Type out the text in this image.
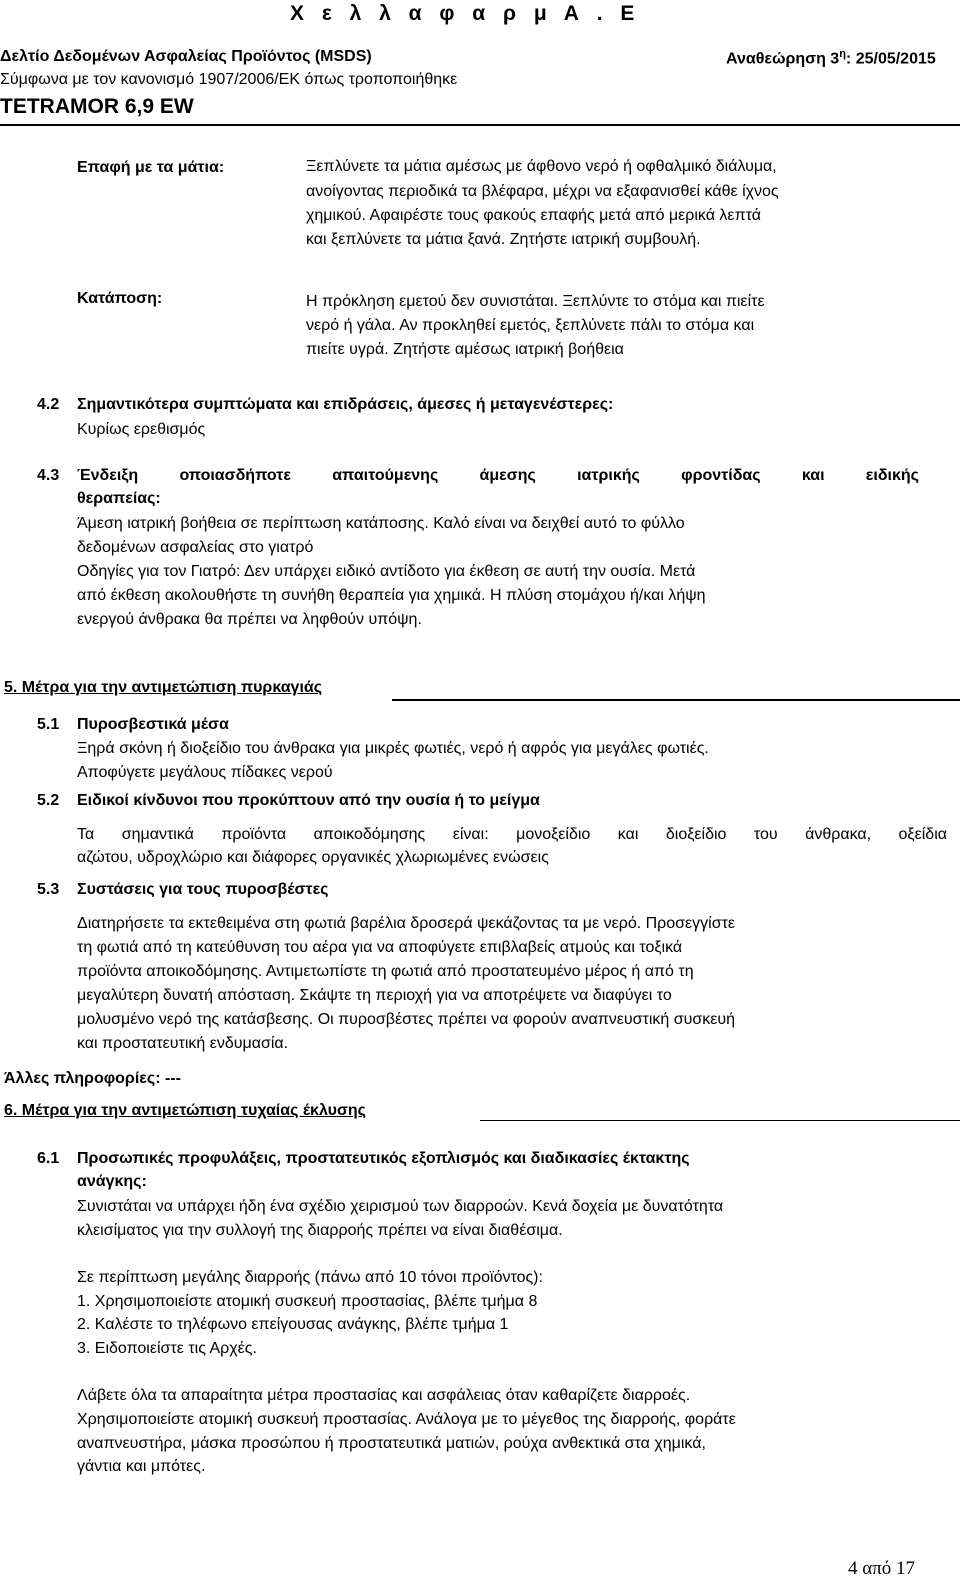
Χ ε λ λ α φ α ρ μ Α . Ε
Δελτίο Δεδομένων Ασφαλείας Προϊόντος (MSDS)	Αναθεώρηση $3^\eta$: 25/05/2015
Σύμφωνα με τον κανονισμό 1907/2006/ΕΚ όπως τροποποιήθηκε
TETRAMOR 6,9 EW
Επαφή με τα μάτια:	Ξεπλύνετε τα μάτια αμέσως με άφθονο νερό ή οφθαλμικό διάλυμα,
ανοίγοντας περιοδικά τα βλέφαρα, μέχρι να εξαφανισθεί κάθε ίχνος
χημικού. Αφαιρέστε τους φακούς επαφής μετά από μερικά λεπτά
και ξεπλύνετε τα μάτια ξανά. Ζητήστε ιατρική συμβουλή.
Κατάποση:	Η πρόκληση εμετού δεν συνιστάται. Ξεπλύντε το στόμα και πιείτε
νερό ή γάλα. Αν προκληθεί εμετός, ξεπλύνετε πάλι το στόμα και
πιείτε υγρά. Ζητήστε αμέσως ιατρική βοήθεια
4.2 Σημαντικότερα συμπτώματα και επιδράσεις, άμεσες ή μεταγενέστερες:
Κυρίως ερεθισμός
4.3 Ένδειξη οποιασδήποτε απαιτούμενης άμεσης ιατρικής φροντίδας και ειδικής
θεραπείας:
Άμεση ιατρική βοήθεια σε περίπτωση κατάποσης. Καλό είναι να δειχθεί αυτό το φύλλο
δεδομένων ασφαλείας στο γιατρό
Οδηγίες για τον Γιατρό: Δεν υπάρχει ειδικό αντίδοτο για έκθεση σε αυτή την ουσία. Μετά
από έκθεση ακολουθήστε τη συνήθη θεραπεία για χημικά. Η πλύση στομάχου ή/και λήψη
ενεργού άνθρακα θα πρέπει να ληφθούν υπόψη.
5. Μέτρα για την αντιμετώπιση πυρκαγιάς
5.1 Πυροσβεστικά μέσα
Ξηρά σκόνη ή διοξείδιο του άνθρακα για μικρές φωτιές, νερό ή αφρός για μεγάλες φωτιές.
Αποφύγετε μεγάλους πίδακες νερού
5.2 Ειδικοί κίνδυνοι που προκύπτουν από την ουσία ή το μείγμα
Τα σημαντικά προϊόντα αποικοδόμησης είναι: μονοξείδιο και διοξείδιο του άνθρακα, οξείδια
αζώτου, υδροχλώριο και διάφορες οργανικές χλωριωμένες ενώσεις
5.3 Συστάσεις για τους πυροσβέστες
Διατηρήσετε τα εκτεθειμένα στη φωτιά βαρέλια δροσερά ψεκάζοντας τα με νερό. Προσεγγίστε
τη φωτιά από τη κατεύθυνση του αέρα για να αποφύγετε επιβλαβείς ατμούς και τοξικά
προϊόντα αποικοδόμησης. Αντιμετωπίστε τη φωτιά από προστατευμένο μέρος ή από τη
μεγαλύτερη δυνατή απόσταση. Σκάψτε τη περιοχή για να αποτρέψετε να διαφύγει το
μολυσμένο νερό της κατάσβεσης. Οι πυροσβέστες πρέπει να φορούν αναπνευστική συσκευή
και προστατευτική ενδυμασία.
Άλλες πληροφορίες: ---
6. Μέτρα για την αντιμετώπιση τυχαίας έκλυσης
6.1 Προσωπικές προφυλάξεις, προστατευτικός εξοπλισμός και διαδικασίες έκτακτης
ανάγκης:
Συνιστάται να υπάρχει ήδη ένα σχέδιο χειρισμού των διαρροών. Κενά δοχεία με δυνατότητα
κλεισίματος για την συλλογή της διαρροής πρέπει να είναι διαθέσιμα.
Σε περίπτωση μεγάλης διαρροής (πάνω από 10 τόνοι προϊόντος):
1. Χρησιμοποιείστε ατομική συσκευή προστασίας, βλέπε τμήμα 8
2. Καλέστε το τηλέφωνο επείγουσας ανάγκης, βλέπε τμήμα 1
3. Ειδοποιείστε τις Αρχές.
Λάβετε όλα τα απαραίτητα μέτρα προστασίας και ασφάλειας όταν καθαρίζετε διαρροές.
Χρησιμοποιείστε ατομική συσκευή προστασίας. Ανάλογα με το μέγεθος της διαρροής, φοράτε
αναπνευστήρα, μάσκα προσώπου ή προστατευτικά ματιών, ρούχα ανθεκτικά στα χημικά,
γάντια και μπότες.
4 από 17
